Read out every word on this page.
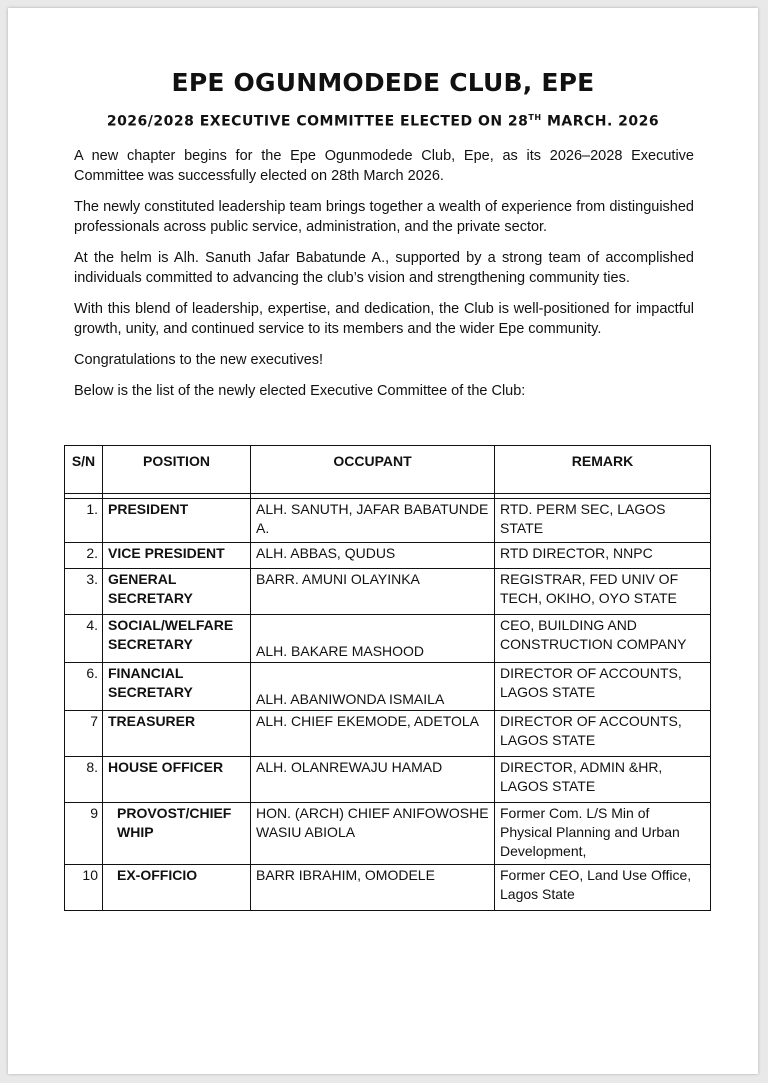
EPE OGUNMODEDE CLUB, EPE
2026/2028 EXECUTIVE COMMITTEE ELECTED ON 28TH MARCH. 2026

A new chapter begins for the Epe Ogunmodede Club, Epe, as its 2026–2028 Executive Committee was successfully elected on 28th March 2026.

The newly constituted leadership team brings together a wealth of experience from distinguished professionals across public service, administration, and the private sector.

At the helm is Alh. Sanuth Jafar Babatunde A., supported by a strong team of accomplished individuals committed to advancing the club’s vision and strengthening community ties.

With this blend of leadership, expertise, and dedication, the Club is well-positioned for impactful growth, unity, and continued service to its members and the wider Epe community.

Congratulations to the new executives!

Below is the list of the newly elected Executive Committee of the Club:

S/N	POSITION	OCCUPANT	REMARK

1.	PRESIDENT	ALH. SANUTH, JAFAR BABATUNDE A.	RTD. PERM SEC, LAGOS STATE
2.	VICE PRESIDENT	ALH. ABBAS, QUDUS	RTD DIRECTOR, NNPC
3.	GENERAL SECRETARY	BARR. AMUNI OLAYINKA	REGISTRAR, FED UNIV OF TECH, OKIHO, OYO STATE
4.	SOCIAL/WELFARE SECRETARY	ALH. BAKARE MASHOOD	CEO, BUILDING AND CONSTRUCTION COMPANY
6.	FINANCIAL SECRETARY	ALH. ABANIWONDA ISMAILA	DIRECTOR OF ACCOUNTS, LAGOS STATE
7	TREASURER	ALH. CHIEF EKEMODE, ADETOLA	DIRECTOR OF ACCOUNTS, LAGOS STATE
8.	HOUSE OFFICER	ALH. OLANREWAJU HAMAD	DIRECTOR, ADMIN &HR, LAGOS STATE
9	PROVOST/CHIEF WHIP	HON. (ARCH) CHIEF ANIFOWOSHE WASIU ABIOLA	Former Com. L/S Min of Physical Planning and Urban Development,
10	EX-OFFICIO	BARR IBRAHIM, OMODELE	Former CEO, Land Use Office, Lagos State
